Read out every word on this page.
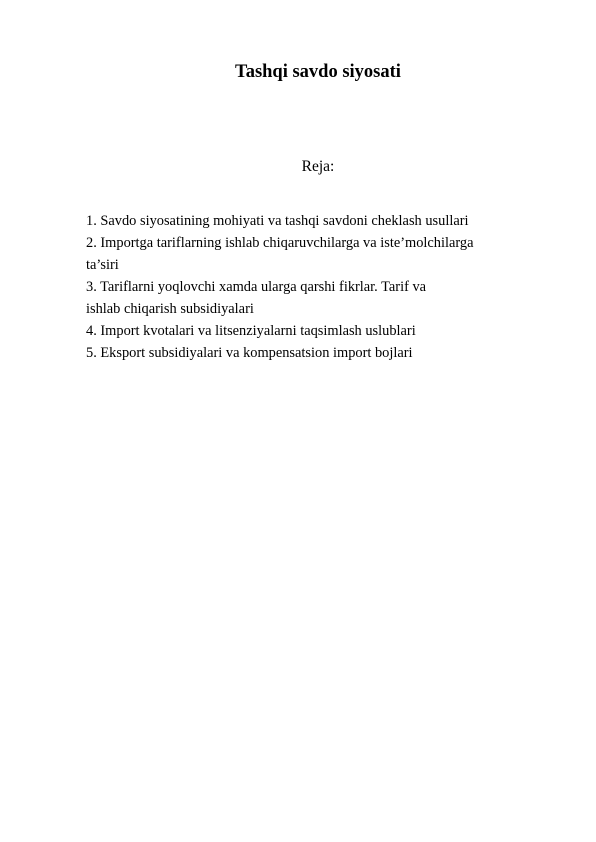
Tashqi savdo siyosati
Reja:
1. Savdo siyosatining mohiyati va tashqi savdoni cheklash usullari
2. Importga tariflarning ishlab chiqaruvchilarga va iste’molchilarga
ta’siri
3. Tariflarni yoqlovchi xamda ularga qarshi fikrlar. Tarif va
ishlab chiqarish subsidiyalari
4. Import kvotalari va litsenziyalarni taqsimlash uslublari
5. Eksport subsidiyalari va kompensatsion import bojlari
